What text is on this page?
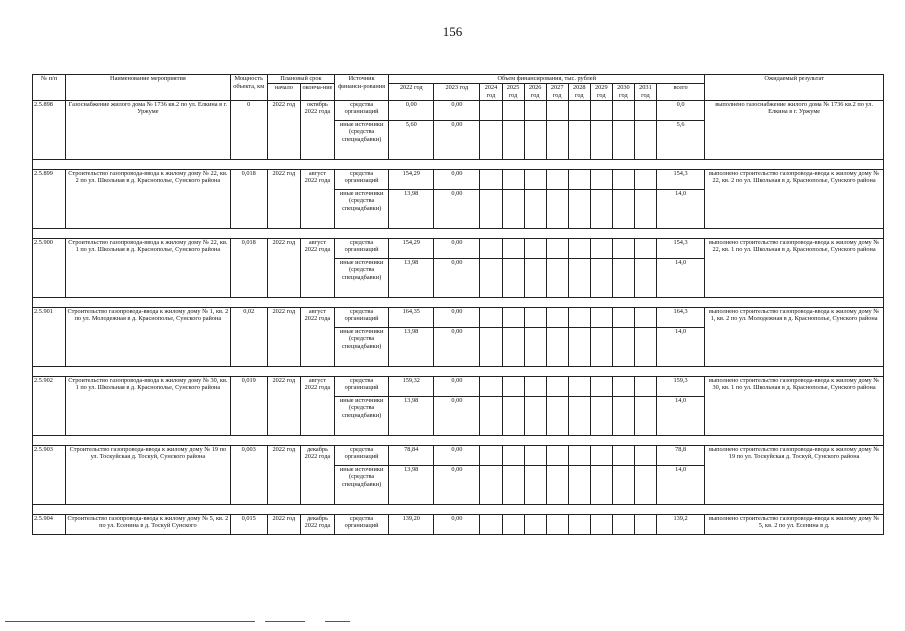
156
№ п/п	Наименование мероприятия	Мощность объекта, км	Плановый срок		Источник финанси-рования	Объем финансирования, тыс. рублей											Ожидаемый результат
			начало	оконча-ние		2022 год	2023 год	2024 год	2025 год	2026 год	2027 год	2028 год	2029 год	2030 год	2031 год	всего	
2.5.898	Газоснабжение жилого дома № 1736 кв.2 по ул. Елкина в г. Уржуме	0	2022 год	октябрь 2022 года	средства организаций	0,00	0,00									0,0	выполнено газоснабжение жилого дома № 1736 кв.2 по ул. Елкина в г. Уржуме
					иные источники (средства спецнадбавки)	5,60	0,00									5,6	

2.5.899	Строительство газопровода-ввода к жилому дому № 22, кв. 2 по ул. Школьная в д. Краснополье, Сунского района	0,018	2022 год	август 2022 года	средства организаций	154,29	0,00									154,3	выполнено строительство газопровода-ввода к жилому дому № 22, кв. 2 по ул. Школьная в д. Краснополье, Сунского района
					иные источники (средства спецнадбавки)	13,98	0,00									14,0	

2.5.900	Строительство газопровода-ввода к жилому дому № 22, кв. 1 по ул. Школьная в д. Краснополье, Сунского района	0,018	2022 год	август 2022 года	средства организаций	154,29	0,00									154,3	выполнено строительство газопровода-ввода к жилому дому № 22, кв. 1 по ул. Школьная в д. Краснополье, Сунского района
					иные источники (средства спецнадбавки)	13,98	0,00									14,0	

2.5.901	Строительство газопровода-ввода к жилому дому № 1, кв. 2 по ул. Молодежная в д. Краснополье, Сунского района	0,02	2022 год	август 2022 года	средства организаций	164,35	0,00									164,3	выполнено строительство газопровода-ввода к жилому дому № 1, кв. 2 по ул. Молодежная в д. Краснополье, Сунского района
					иные источники (средства спецнадбавки)	13,98	0,00									14,0	

2.5.902	Строительство газопровода-ввода к жилому дому № 30, кв. 1 по ул. Школьная в д. Краснополье, Сунского района	0,019	2022 год	август 2022 года	средства организаций	159,32	0,00									159,3	выполнено строительство газопровода-ввода к жилому дому № 30, кв. 1 по ул. Школьная в д. Краснополье, Сунского района
					иные источники (средства спецнадбавки)	13,98	0,00									14,0	

2.5.903	Строительство газопровода-ввода к жилому дому № 19 по ул. Тоскуйская д. Тоскуй, Сунского района	0,003	2022 год	декабрь 2022 года	средства организаций	78,84	0,00									78,8	выполнено строительство газопровода-ввода к жилому дому № 19 по ул. Тоскуйская д. Тоскуй, Сунского района
					иные источники (средства спецнадбавки)	13,98	0,00									14,0	

2.5.904	Строительство газопровода-ввода к жилому дому № 5, кв. 2 по ул. Есенина в д. Тоскуй Сунского	0,015	2022 год	декабрь 2022 года	средства организаций	139,20	0,00									139,2	выполнено строительство газопровода-ввода к жилому дому № 5, кв. 2 по ул. Есенина в д.
